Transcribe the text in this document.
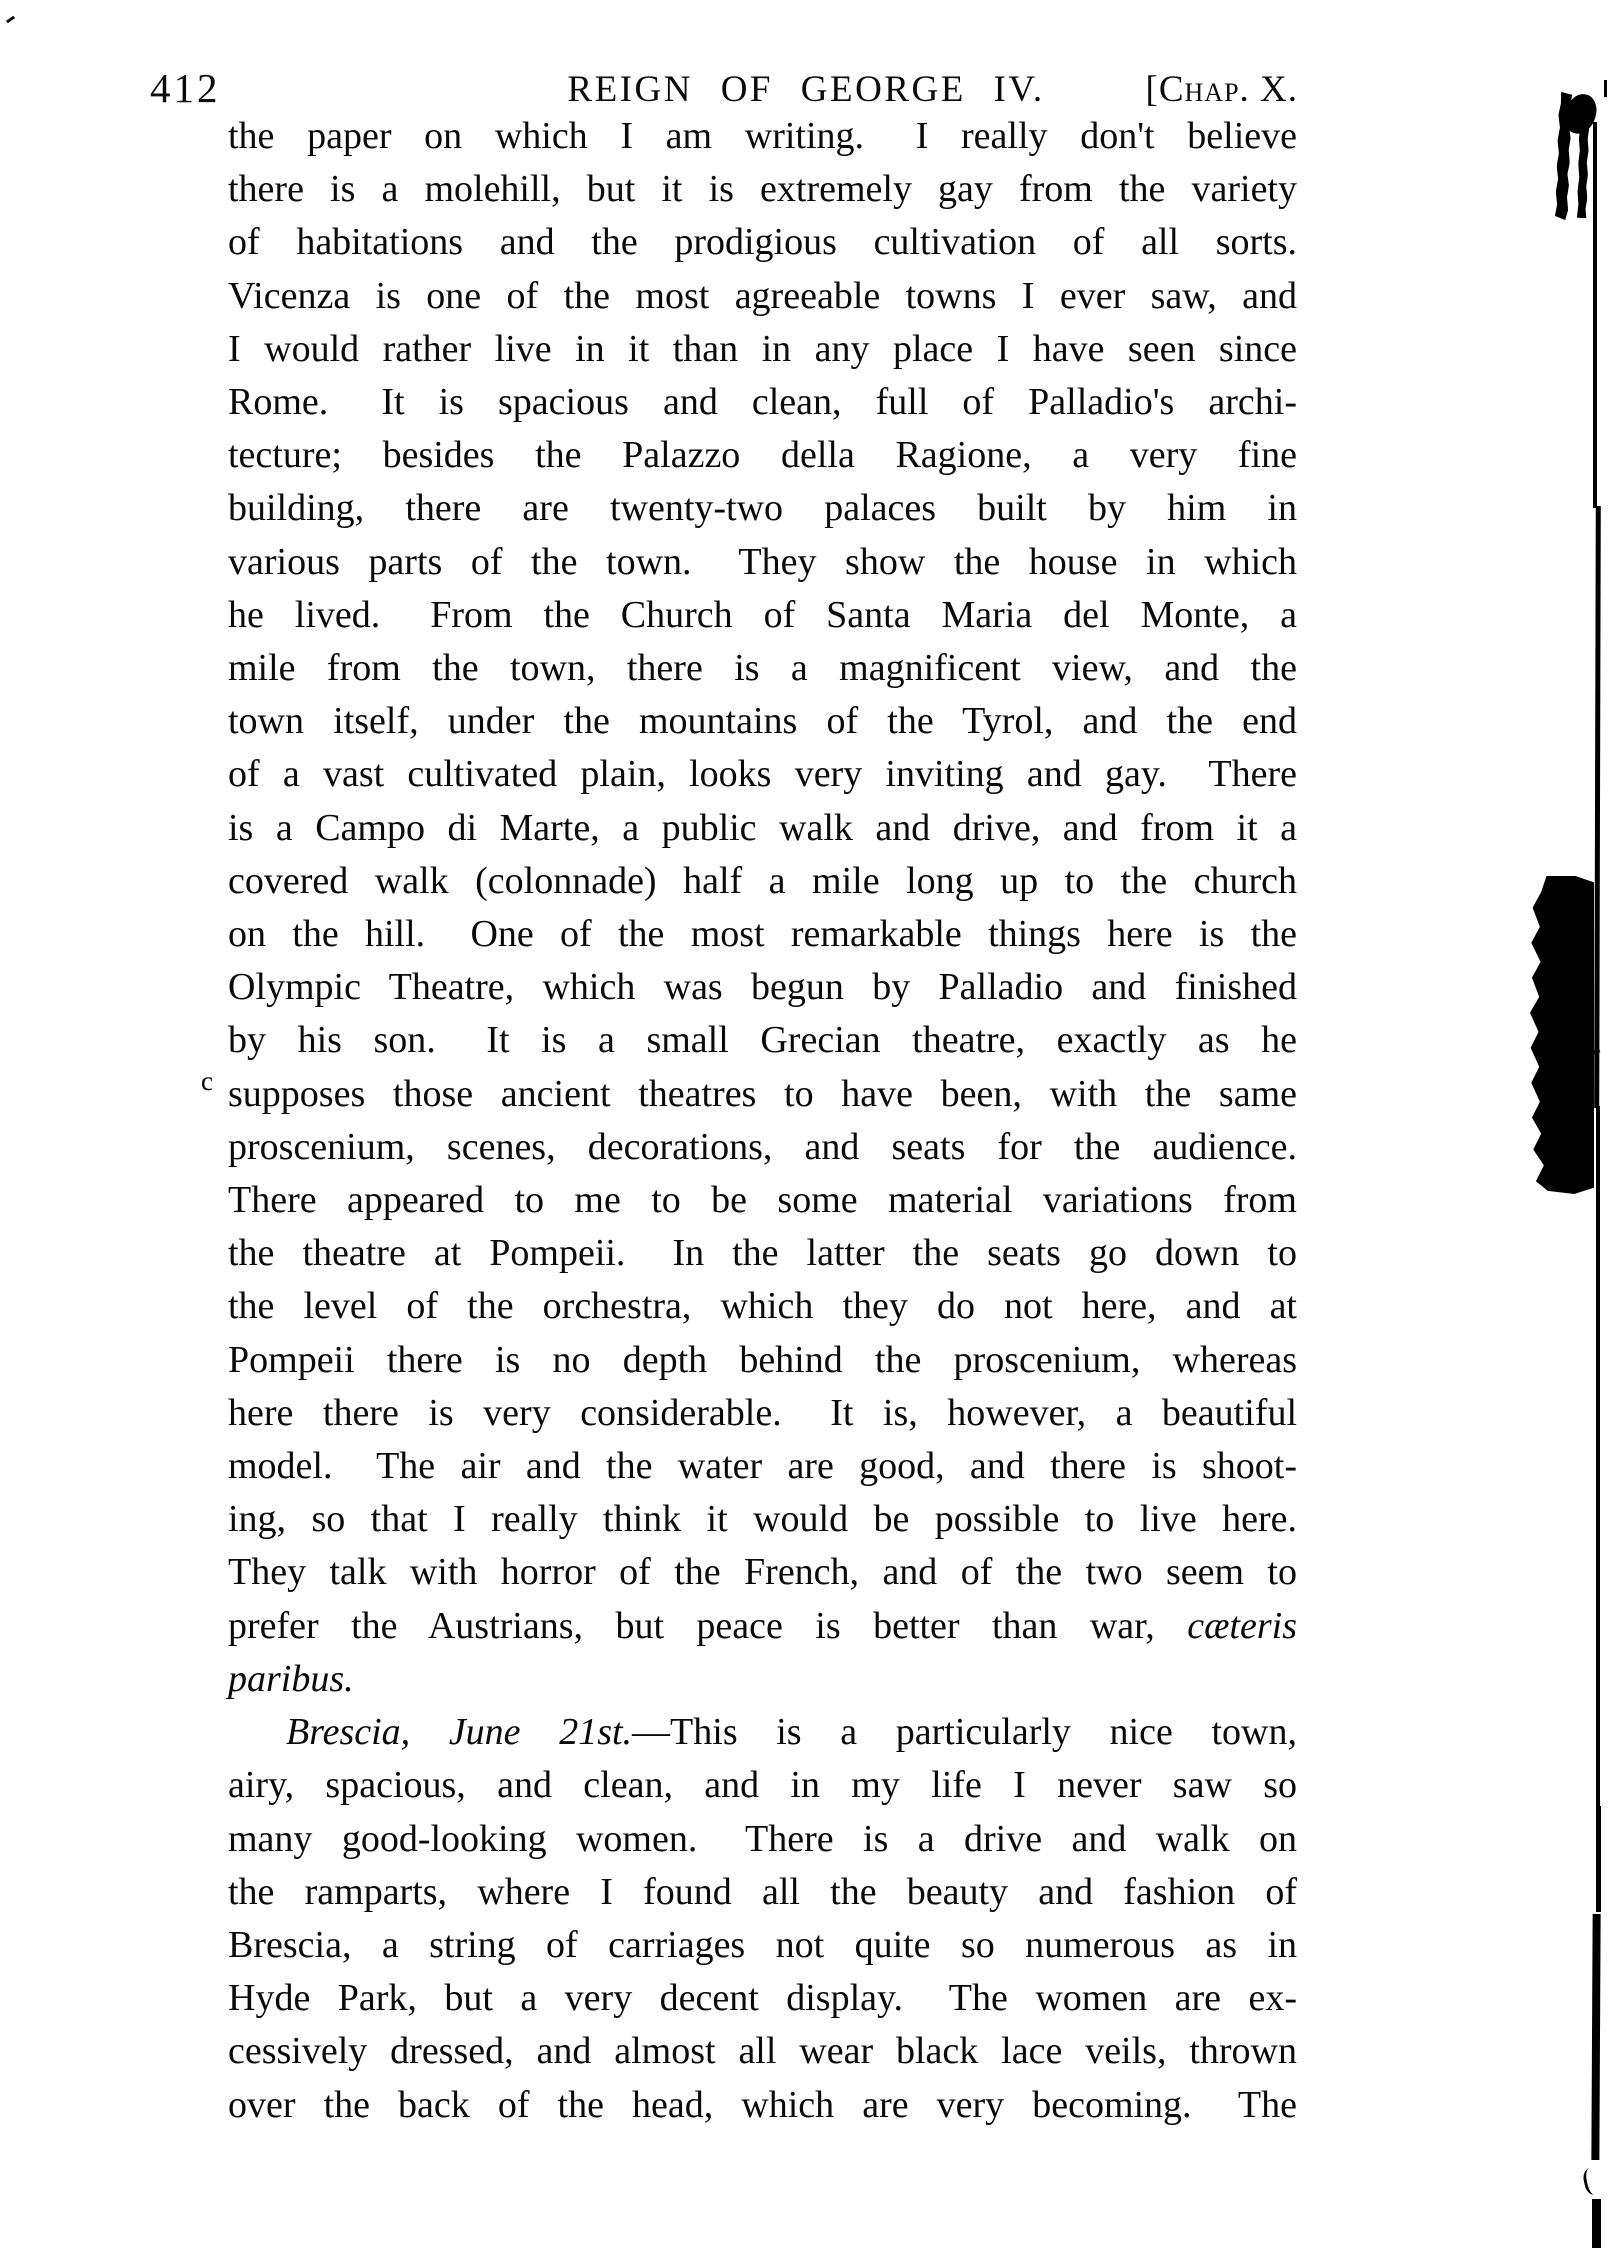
412	REIGN OF GEORGE IV.	[Chap. X.
the paper on which I am writing.  I really don't believe
there is a molehill, but it is extremely gay from the variety
of habitations and the prodigious cultivation of all sorts.
Vicenza is one of the most agreeable towns I ever saw, and
I would rather live in it than in any place I have seen since
Rome.  It is spacious and clean, full of Palladio's archi-
tecture; besides the Palazzo della Ragione, a very fine
building, there are twenty-two palaces built by him in
various parts of the town.  They show the house in which
he lived.  From the Church of Santa Maria del Monte, a
mile from the town, there is a magnificent view, and the
town itself, under the mountains of the Tyrol, and the end
of a vast cultivated plain, looks very inviting and gay.  There
is a Campo di Marte, a public walk and drive, and from it a
covered walk (colonnade) half a mile long up to the church
on the hill.  One of the most remarkable things here is the
Olympic Theatre, which was begun by Palladio and finished
by his son.  It is a small Grecian theatre, exactly as he
supposes those ancient theatres to have been, with the same
proscenium, scenes, decorations, and seats for the audience.
There appeared to me to be some material variations from
the theatre at Pompeii.  In the latter the seats go down to
the level of the orchestra, which they do not here, and at
Pompeii there is no depth behind the proscenium, whereas
here there is very considerable.  It is, however, a beautiful
model.  The air and the water are good, and there is shoot-
ing, so that I really think it would be possible to live here.
They talk with horror of the French, and of the two seem to
prefer the Austrians, but peace is better than war, cæteris
paribus.
Brescia, June 21st.—This is a particularly nice town,
airy, spacious, and clean, and in my life I never saw so
many good-looking women.  There is a drive and walk on
the ramparts, where I found all the beauty and fashion of
Brescia, a string of carriages not quite so numerous as in
Hyde Park, but a very decent display.  The women are ex-
cessively dressed, and almost all wear black lace veils, thrown
over the back of the head, which are very becoming.  The
c
